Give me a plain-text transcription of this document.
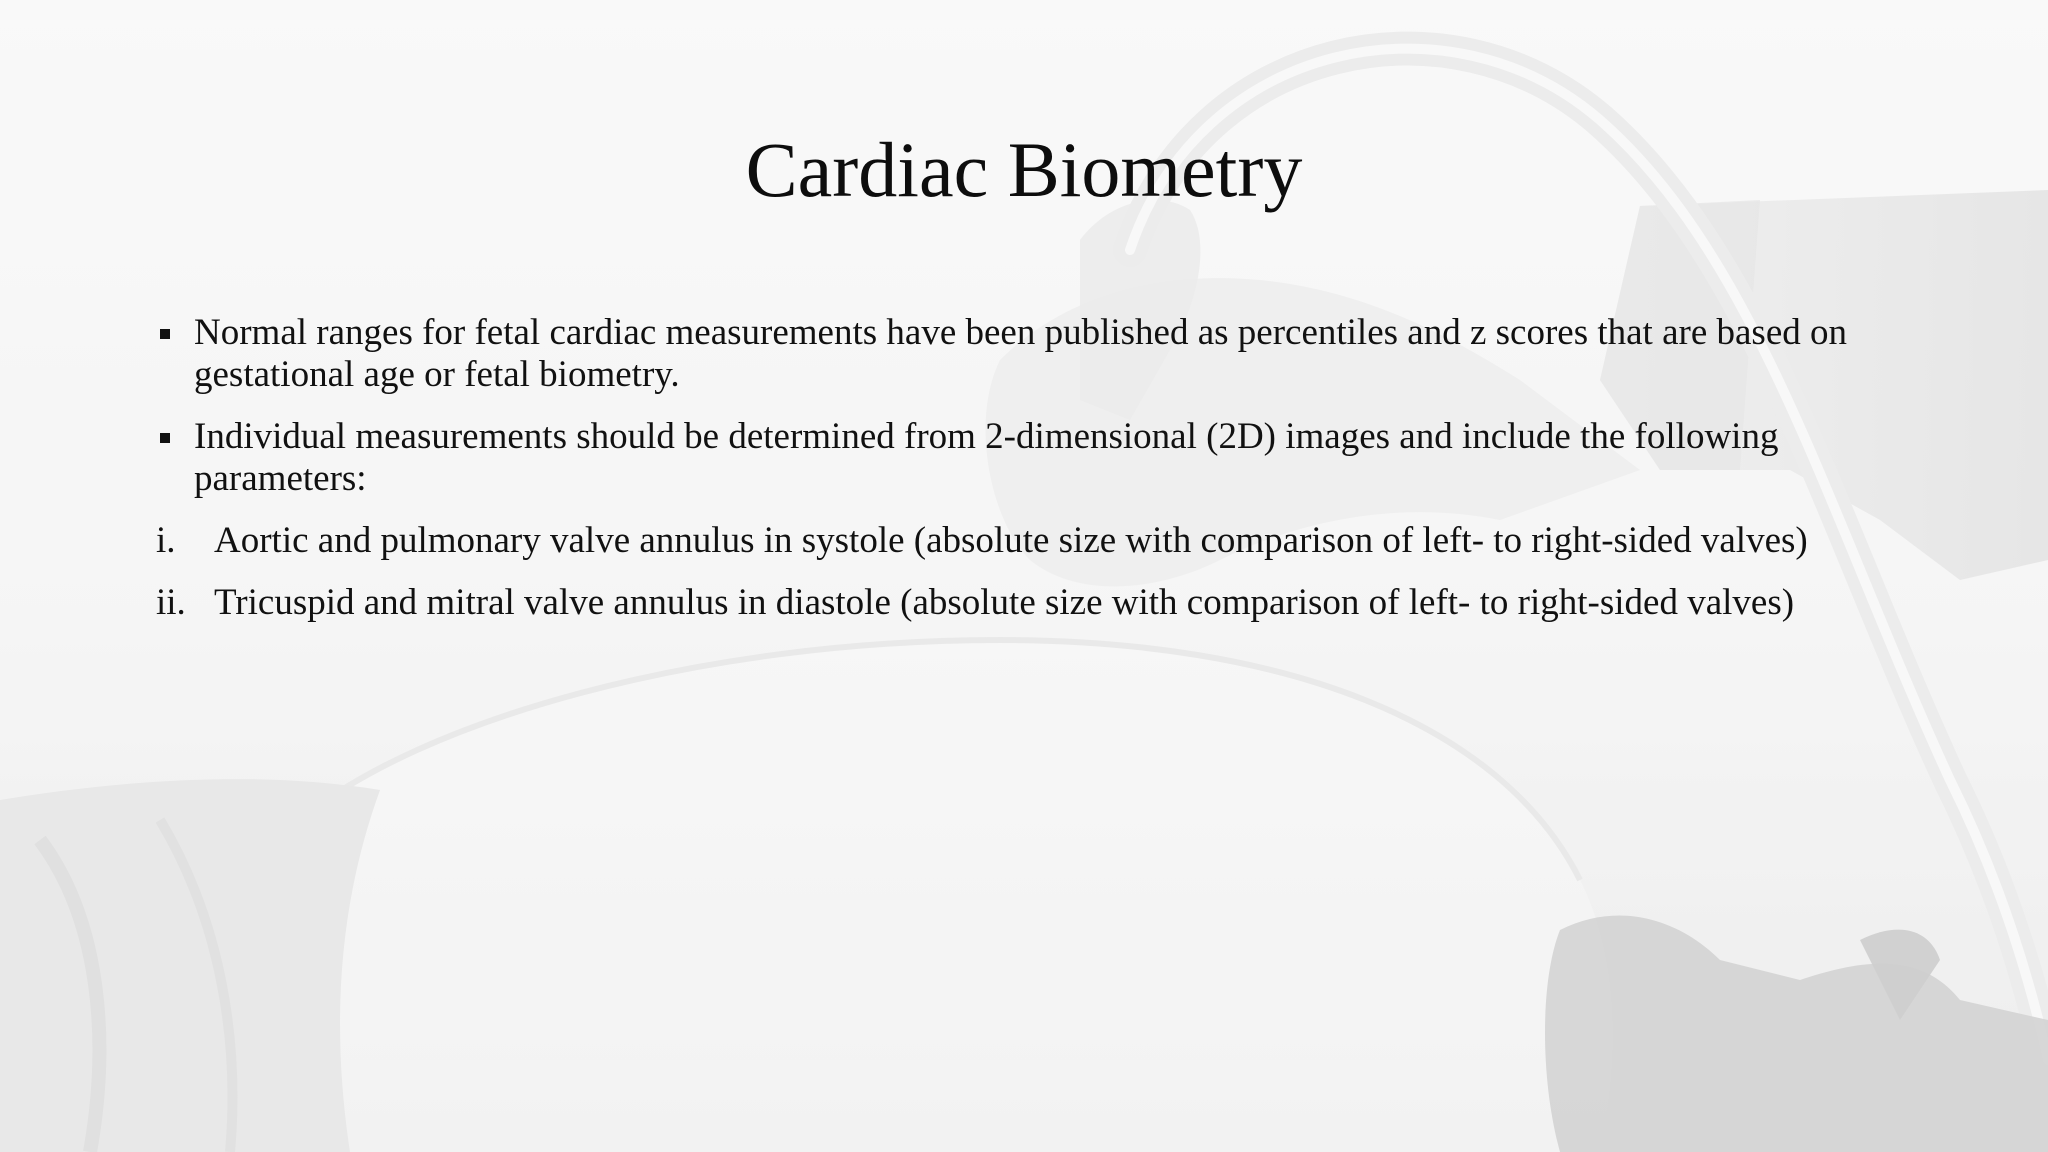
Cardiac Biometry
Normal ranges for fetal cardiac measurements have been published as percentiles and z scores that are based on gestational age or fetal biometry.
Individual measurements should be determined from 2-dimensional (2D) images and include the following parameters:
i. Aortic and pulmonary valve annulus in systole (absolute size with comparison of left- to right-sided valves)
ii. Tricuspid and mitral valve annulus in diastole (absolute size with comparison of left- to right-sided valves)
